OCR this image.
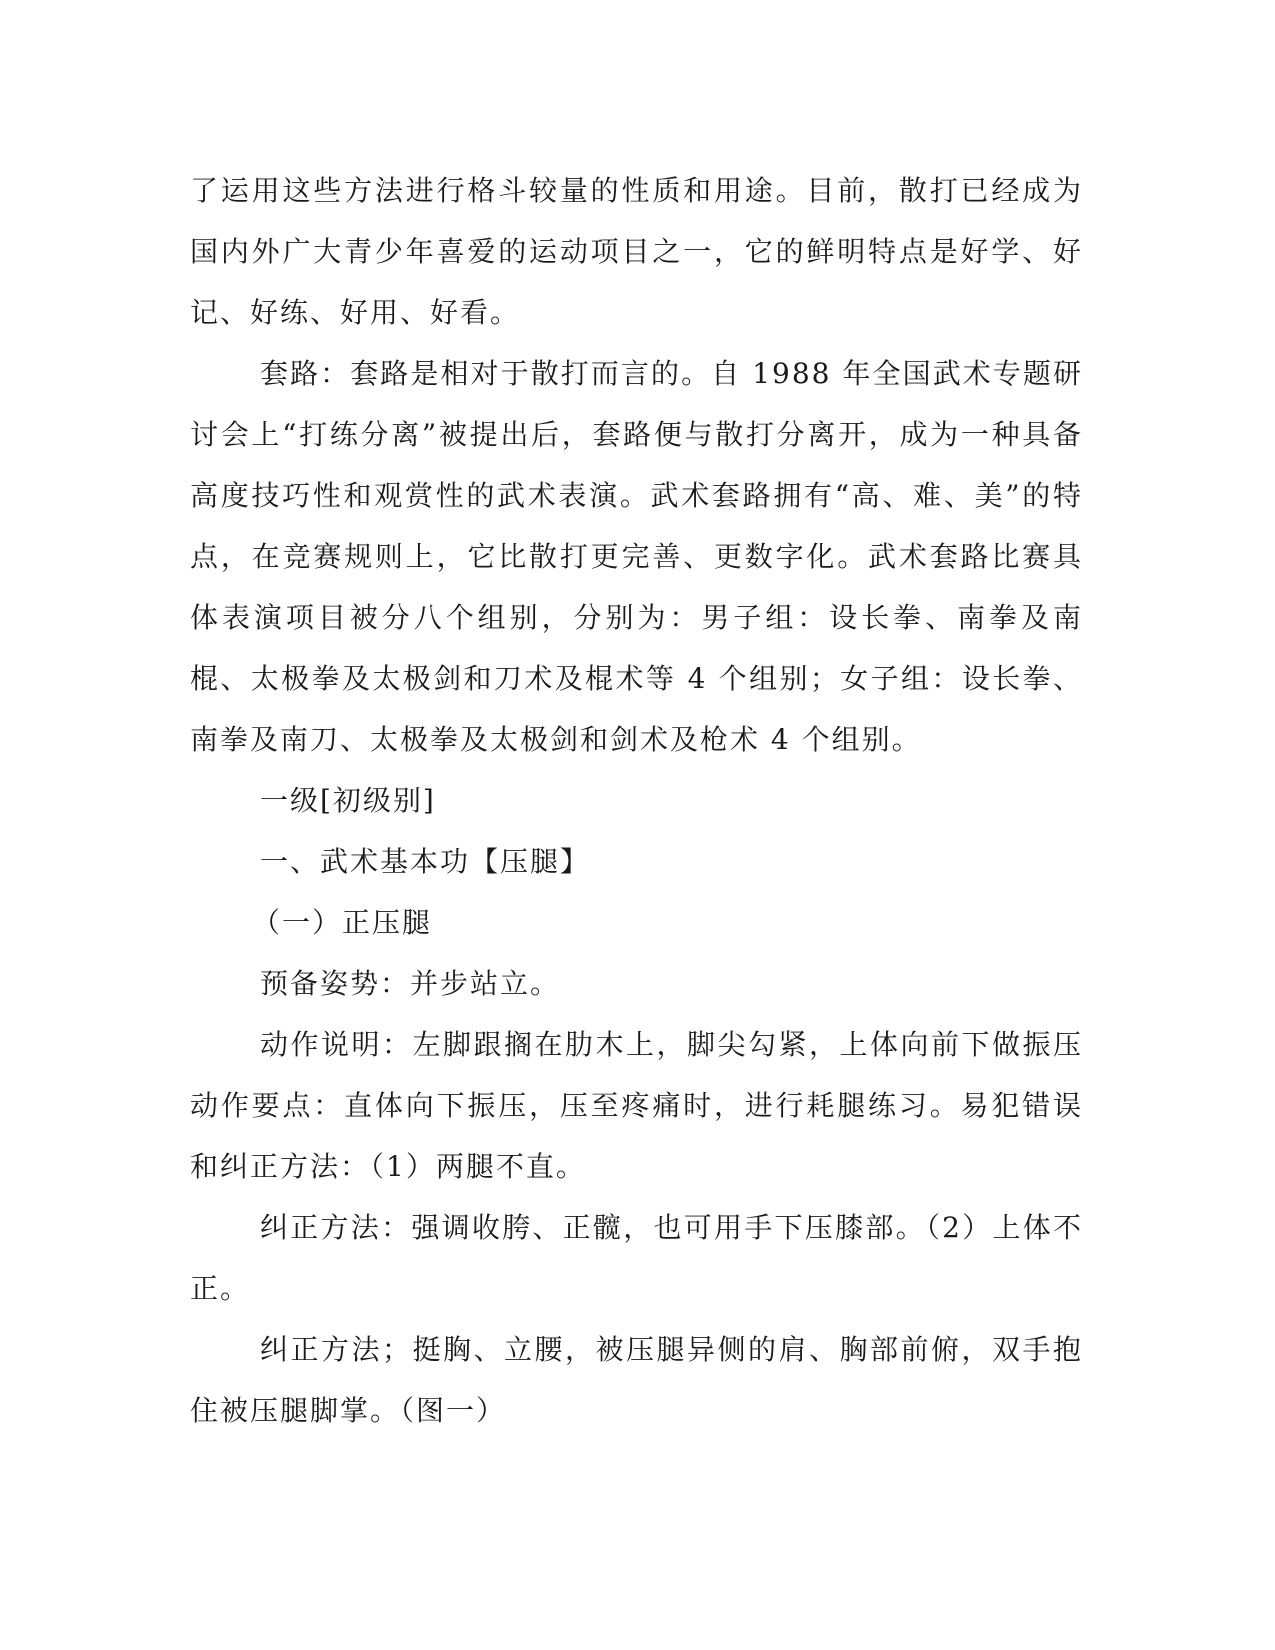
了运用这些方法进行格斗较量的性质和用途。目前，散打已经成为国内外广大青少年喜爱的运动项目之一，它的鲜明特点是好学、好记、好练、好用、好看。

套路：套路是相对于散打而言的。自 1988 年全国武术专题研讨会上“打练分离”被提出后，套路便与散打分离开，成为一种具备高度技巧性和观赏性的武术表演。武术套路拥有“高、难、美”的特点，在竞赛规则上，它比散打更完善、更数字化。武术套路比赛具体表演项目被分八个组别，分别为：男子组：设长拳、南拳及南棍、太极拳及太极剑和刀术及棍术等 4 个组别；女子组：设长拳、南拳及南刀、太极拳及太极剑和剑术及枪术 4 个组别。

一级[初级别]

一、武术基本功【压腿】

（一）正压腿

预备姿势：并步站立。

动作说明：左脚跟搁在肋木上，脚尖勾紧，上体向前下做振压动作要点：直体向下振压，压至疼痛时，进行耗腿练习。易犯错误和纠正方法：（1）两腿不直。

纠正方法：强调收胯、正髋，也可用手下压膝部。（2）上体不正。

纠正方法；挺胸、立腰，被压腿异侧的肩、胸部前俯，双手抱住被压腿脚掌。（图一）
